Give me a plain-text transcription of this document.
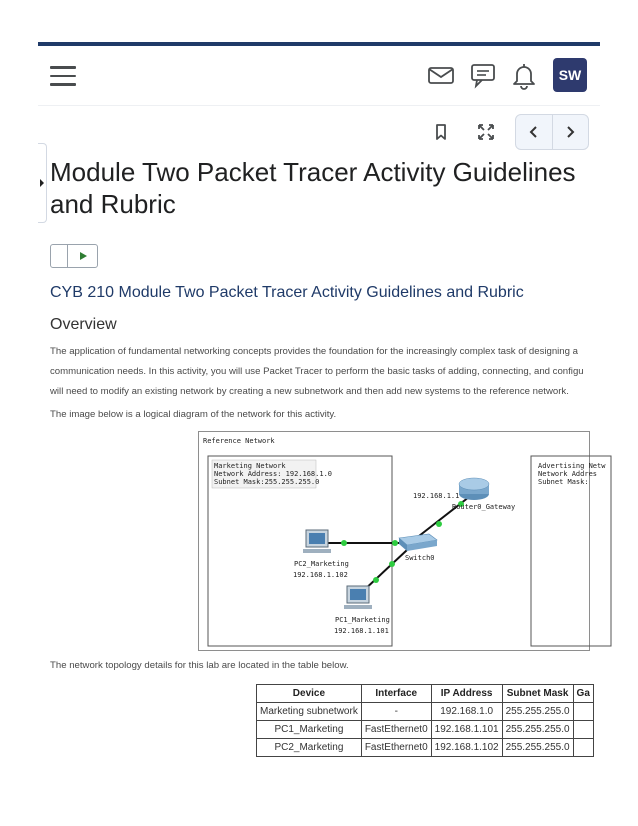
SW
Module Two Packet Tracer Activity Guidelines and Rubric
CYB 210 Module Two Packet Tracer Activity Guidelines and Rubric
Overview
The application of fundamental networking concepts provides the foundation for the increasingly complex task of designing a
communication needs. In this activity, you will use Packet Tracer to perform the basic tasks of adding, connecting, and configu
will need to modify an existing network by creating a new subnetwork and then add new systems to the reference network.
The image below is a logical diagram of the network for this activity.
Reference Network
Marketing Network
Network Address: 192.168.1.0
Subnet Mask:255.255.255.0
Advertising Netw
Network Addres
Subnet Mask:
192.168.1.1
Router0_Gateway
Switch0
PC2_Marketing
192.168.1.102
PC1_Marketing
192.168.1.101
The network topology details for this lab are located in the table below.
Device	Interface	IP Address	Subnet Mask	Ga
Marketing subnetwork	-	192.168.1.0	255.255.255.0	
PC1_Marketing	FastEthernet0	192.168.1.101	255.255.255.0	
PC2_Marketing	FastEthernet0	192.168.1.102	255.255.255.0	
